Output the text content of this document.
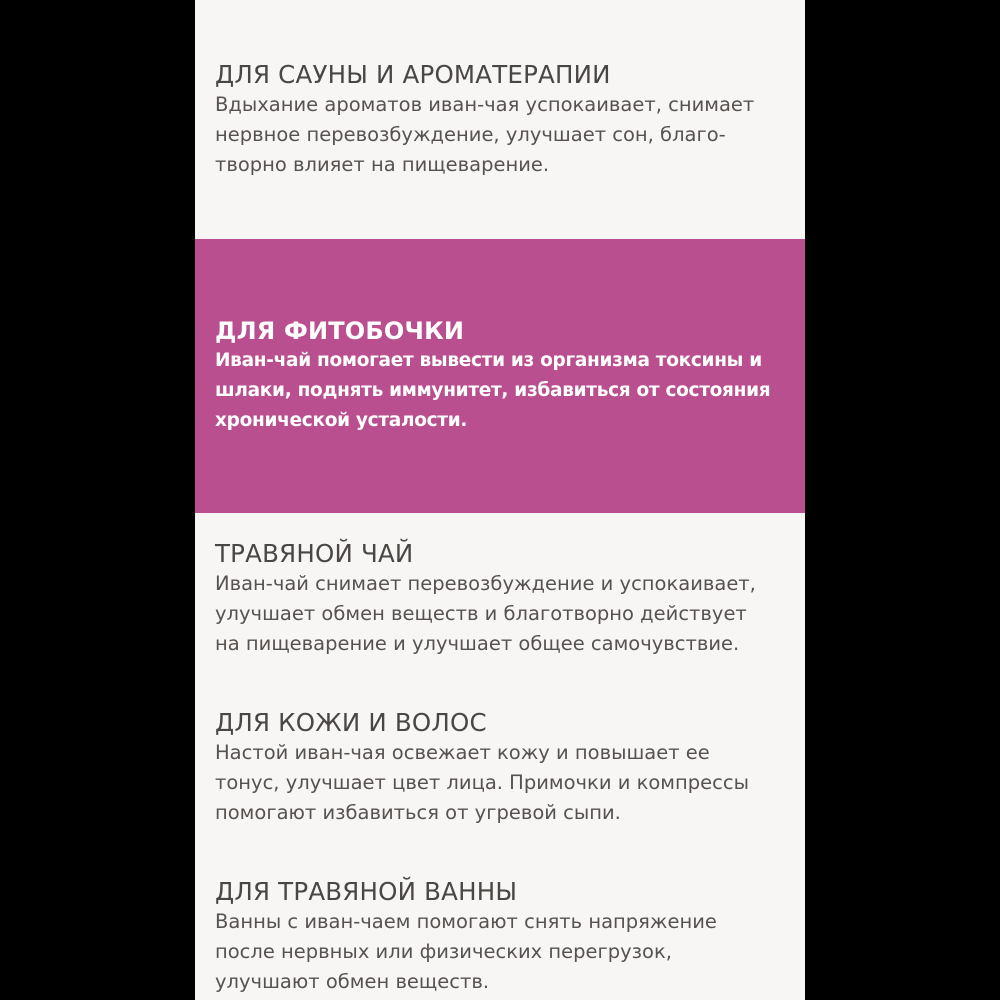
ДЛЯ САУНЫ И АРОМАТЕРАПИИ

Вдыхание ароматов иван-чая успокаивает, снимает
нервное перевозбуждение, улучшает сон, благо-
творно влияет на пищеварение.

ДЛЯ ФИТОБОЧКИ

Иван-чай помогает вывести из организма токсины и
шлаки, поднять иммунитет, избавиться от состояния
хронической усталости.

ТРАВЯНОЙ ЧАЙ

Иван-чай снимает перевозбуждение и успокаивает,
улучшает обмен веществ и благотворно действует
на пищеварение и улучшает общее самочувствие.

ДЛЯ КОЖИ И ВОЛОС

Настой иван-чая освежает кожу и повышает ее
тонус, улучшает цвет лица. Примочки и компрессы
помогают избавиться от угревой сыпи.

ДЛЯ ТРАВЯНОЙ ВАННЫ

Ванны с иван-чаем помогают снять напряжение
после нервных или физических перегрузок,
улучшают обмен веществ.
